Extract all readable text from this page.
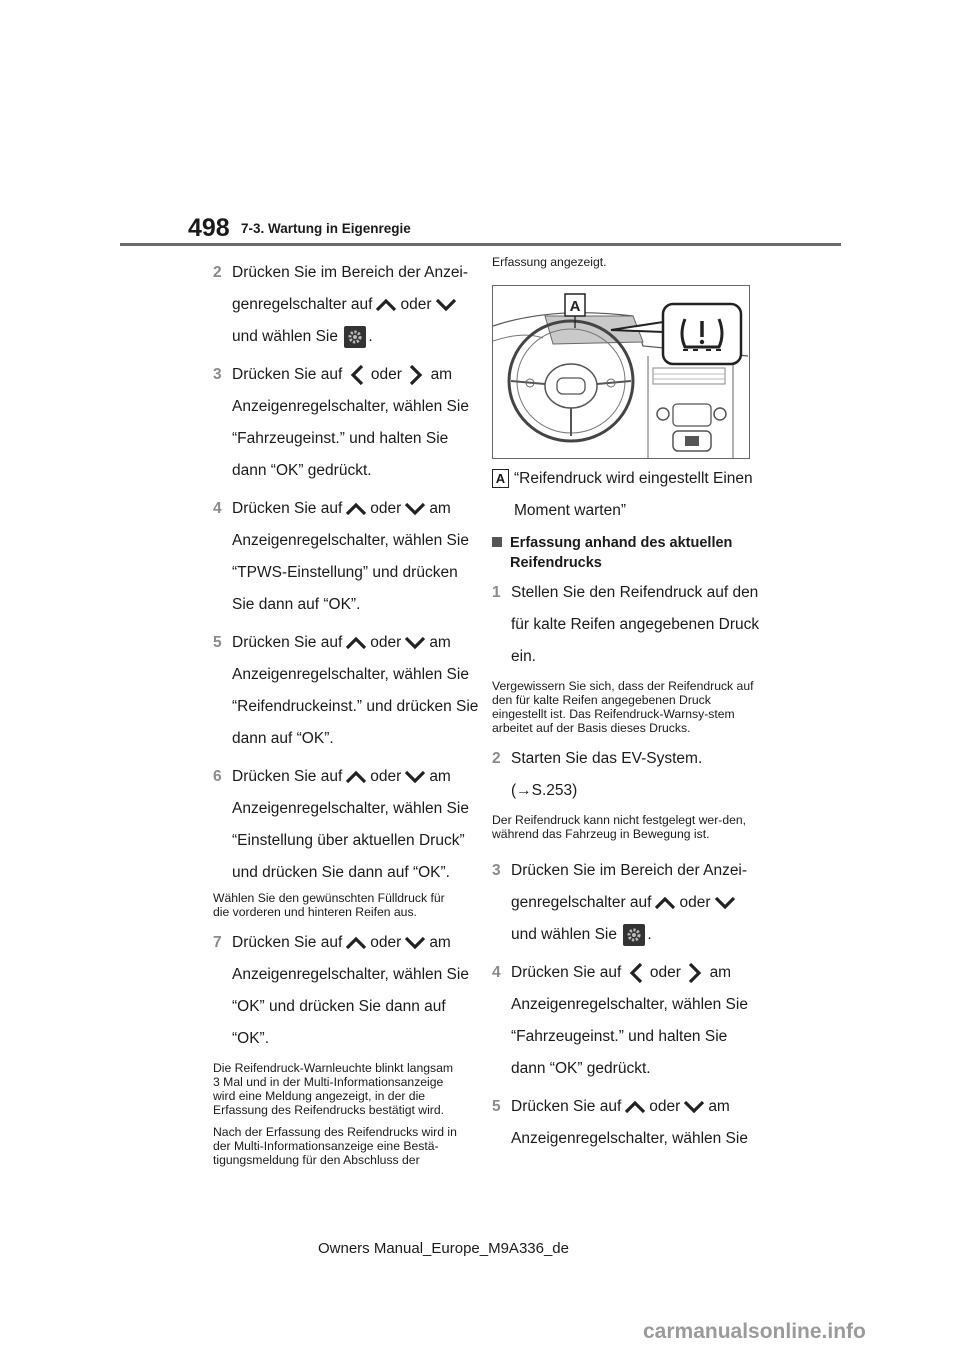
498 7-3. Wartung in Eigenregie
2 Drücken Sie im Bereich der Anzei-
genregelschalter auf oder
und wählen Sie .
3 Drücken Sie auf oder am
Anzeigenregelschalter, wählen Sie
“Fahrzeugeinst.” und halten Sie
dann “OK” gedrückt.
4 Drücken Sie auf oder am
Anzeigenregelschalter, wählen Sie
“TPWS-Einstellung” und drücken
Sie dann auf “OK”.
5 Drücken Sie auf oder am
Anzeigenregelschalter, wählen Sie
“Reifendruckeinst.” und drücken Sie
dann auf “OK”.
6 Drücken Sie auf oder am
Anzeigenregelschalter, wählen Sie
“Einstellung über aktuellen Druck”
und drücken Sie dann auf “OK”.
Wählen Sie den gewünschten Fülldruck für die vorderen und hinteren Reifen aus.
7 Drücken Sie auf oder am
Anzeigenregelschalter, wählen Sie
“OK” und drücken Sie dann auf
“OK”.
Die Reifendruck-Warnleuchte blinkt langsam 3 Mal und in der Multi-Informationsanzeige wird eine Meldung angezeigt, in der die Erfassung des Reifendrucks bestätigt wird.
Nach der Erfassung des Reifendrucks wird in der Multi-Informationsanzeige eine Bestä-tigungsmeldung für den Abschluss der
Erfassung angezeigt.
A
A “Reifendruck wird eingestellt Einen
Moment warten”
Erfassung anhand des aktuellen Reifendrucks
1 Stellen Sie den Reifendruck auf den
für kalte Reifen angegebenen Druck
ein.
Vergewissern Sie sich, dass der Reifendruck auf den für kalte Reifen angegebenen Druck eingestellt ist. Das Reifendruck-Warnsy-stem arbeitet auf der Basis dieses Drucks.
2 Starten Sie das EV-System.
(→S.253)
Der Reifendruck kann nicht festgelegt wer-den, während das Fahrzeug in Bewegung ist.
3 Drücken Sie im Bereich der Anzei-
genregelschalter auf oder
und wählen Sie .
4 Drücken Sie auf oder am
Anzeigenregelschalter, wählen Sie
“Fahrzeugeinst.” und halten Sie
dann “OK” gedrückt.
5 Drücken Sie auf oder am
Anzeigenregelschalter, wählen Sie
Owners Manual_Europe_M9A336_de
carmanualsonline.info
